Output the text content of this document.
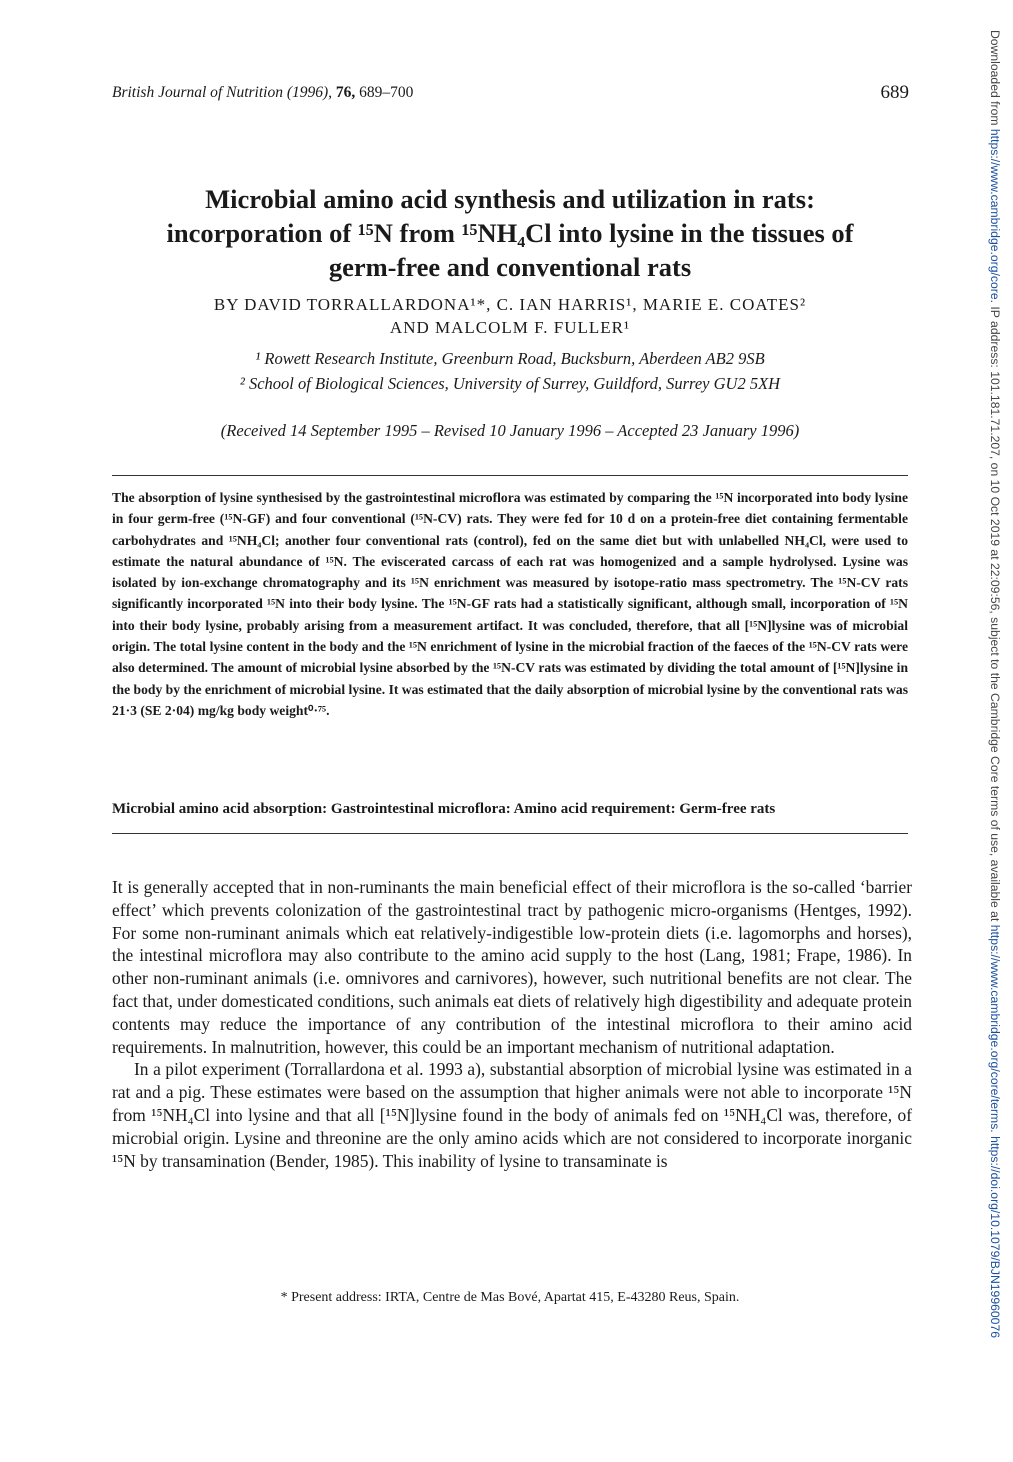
British Journal of Nutrition (1996), 76, 689–700	689
Microbial amino acid synthesis and utilization in rats:
incorporation of ¹⁵N from ¹⁵NH₄Cl into lysine in the tissues of
germ-free and conventional rats
BY DAVID TORRALLARDONA¹*, C. IAN HARRIS¹, MARIE E. COATES²
AND MALCOLM F. FULLER¹
¹ Rowett Research Institute, Greenburn Road, Bucksburn, Aberdeen AB2 9SB
² School of Biological Sciences, University of Surrey, Guildford, Surrey GU2 5XH
(Received 14 September 1995 – Revised 10 January 1996 – Accepted 23 January 1996)

The absorption of lysine synthesised by the gastrointestinal microflora was estimated by comparing the ¹⁵N incorporated into body lysine in four germ-free (¹⁵N-GF) and four conventional (¹⁵N-CV) rats. They were fed for 10 d on a protein-free diet containing fermentable carbohydrates and ¹⁵NH₄Cl; another four conventional rats (control), fed on the same diet but with unlabelled NH₄Cl, were used to estimate the natural abundance of ¹⁵N. The eviscerated carcass of each rat was homogenized and a sample hydrolysed. Lysine was isolated by ion-exchange chromatography and its ¹⁵N enrichment was measured by isotope-ratio mass spectrometry. The ¹⁵N-CV rats significantly incorporated ¹⁵N into their body lysine. The ¹⁵N-GF rats had a statistically significant, although small, incorporation of ¹⁵N into their body lysine, probably arising from a measurement artifact. It was concluded, therefore, that all [¹⁵N]lysine was of microbial origin. The total lysine content in the body and the ¹⁵N enrichment of lysine in the microbial fraction of the faeces of the ¹⁵N-CV rats were also determined. The amount of microbial lysine absorbed by the ¹⁵N-CV rats was estimated by dividing the total amount of [¹⁵N]lysine in the body by the enrichment of microbial lysine. It was estimated that the daily absorption of microbial lysine by the conventional rats was 21·3 (SE 2·04) mg/kg body weight⁰·⁷⁵.

Microbial amino acid absorption: Gastrointestinal microflora: Amino acid requirement: Germ-free rats

It is generally accepted that in non-ruminants the main beneficial effect of their microflora is the so-called ‘barrier effect’ which prevents colonization of the gastrointestinal tract by pathogenic micro-organisms (Hentges, 1992). For some non-ruminant animals which eat relatively-indigestible low-protein diets (i.e. lagomorphs and horses), the intestinal microflora may also contribute to the amino acid supply to the host (Lang, 1981; Frape, 1986). In other non-ruminant animals (i.e. omnivores and carnivores), however, such nutritional benefits are not clear. The fact that, under domesticated conditions, such animals eat diets of relatively high digestibility and adequate protein contents may reduce the importance of any contribution of the intestinal microflora to their amino acid requirements. In malnutrition, however, this could be an important mechanism of nutritional adaptation.

In a pilot experiment (Torrallardona et al. 1993 a), substantial absorption of microbial lysine was estimated in a rat and a pig. These estimates were based on the assumption that higher animals were not able to incorporate ¹⁵N from ¹⁵NH₄Cl into lysine and that all [¹⁵N]lysine found in the body of animals fed on ¹⁵NH₄Cl was, therefore, of microbial origin. Lysine and threonine are the only amino acids which are not considered to incorporate inorganic ¹⁵N by transamination (Bender, 1985). This inability of lysine to transaminate is

* Present address: IRTA, Centre de Mas Bové, Apartat 415, E-43280 Reus, Spain.
Downloaded from https://www.cambridge.org/core. IP address: 101.181.71.207, on 10 Oct 2019 at 22:09:56, subject to the Cambridge Core terms of use, available at https://www.cambridge.org/core/terms. https://doi.org/10.1079/BJN19960076
